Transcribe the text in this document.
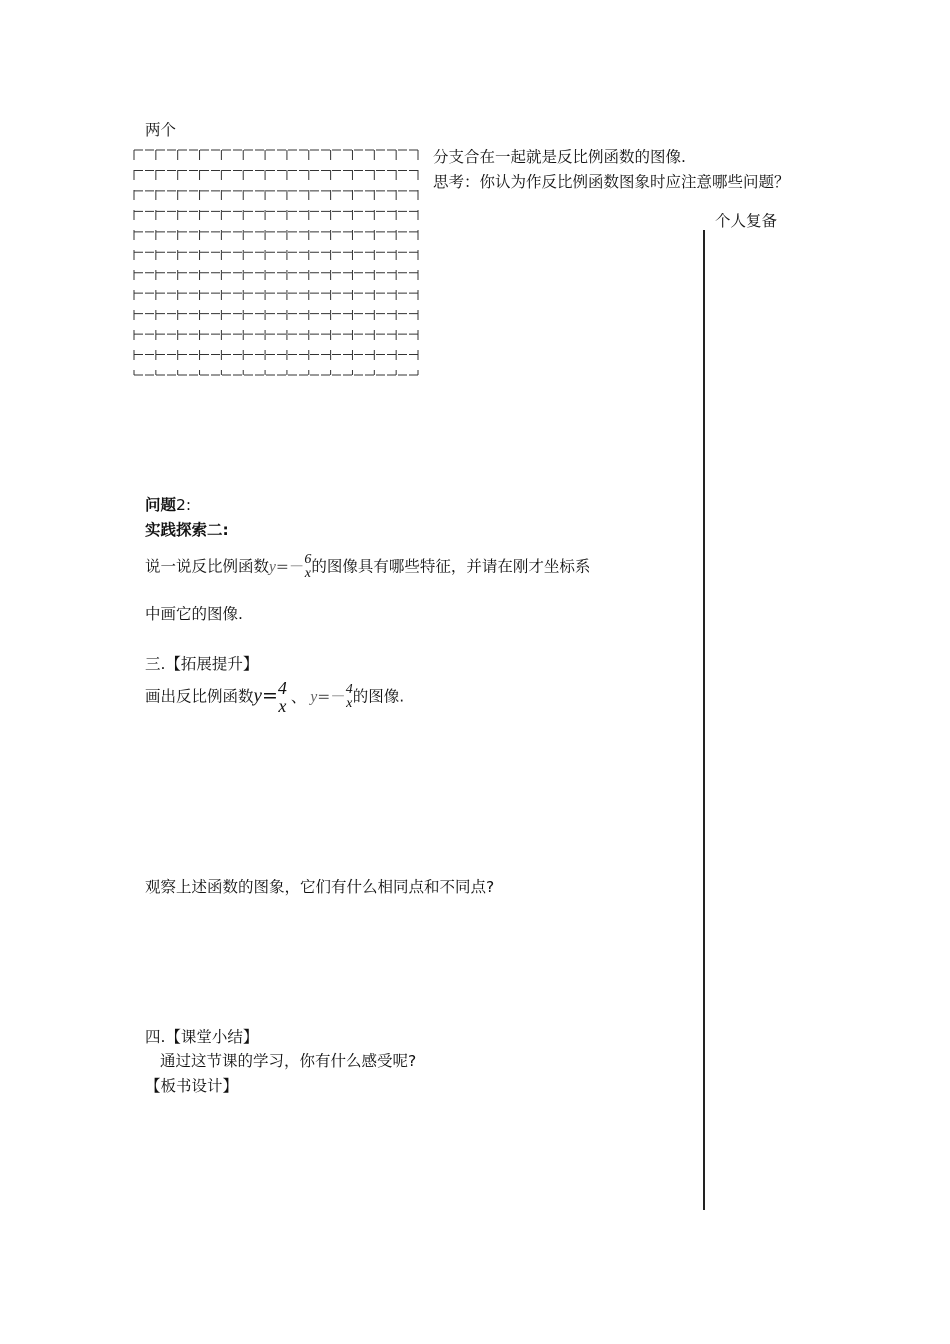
两个
分支合在一起就是反比例函数的图像.
思考：你认为作反比例函数图象时应注意哪些问题？
个人复备
问题2:
实践探索二:
说一说反比例函数y=－ 6
x 的图像具有哪些特征，并请在刚才坐标系
中画它的图像.
三.【拓展提升】
画出反比例函数y= 4
x 、 y=－ 4
x 的图像.
观察上述函数的图象，它们有什么相同点和不同点?
四.【课堂小结】
通过这节课的学习，你有什么感受呢?
【板书设计】
